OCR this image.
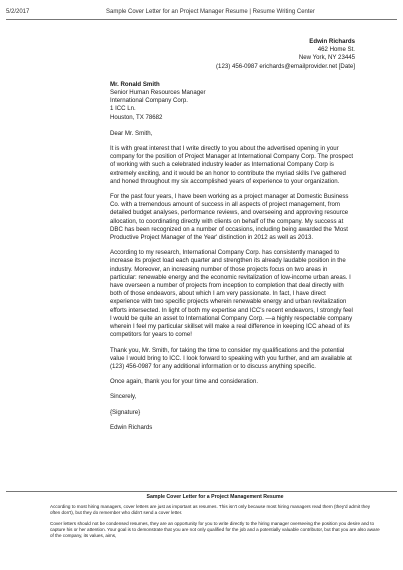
5/2/2017	Sample Cover Letter for an Project Manager Resume | Resume Writing Center
Edwin Richards
462 Home St.
New York, NY 23445
(123) 456-0987 erichards@emailprovider.net [Date]
Mr. Ronald Smith
Senior Human Resources Manager
International Company Corp.
1 ICC Ln.
Houston, TX 78682

Dear Mr. Smith,

It is with great interest that I write directly to you about the advertised opening in your company for the position of Project Manager at International Company Corp. The prospect of working with such a celebrated industry leader as International Company Corp is extremely exciting, and it would be an honor to contribute the myriad skills I've gathered and honed throughout my six accomplished years of experience to your organization.

For the past four years, I have been working as a project manager at Domestic Business Co. with a tremendous amount of success in all aspects of project management, from detailed budget analyses, performance reviews, and overseeing and approving resource allocation, to coordinating directly with clients on behalf of the company. My success at DBC has been recognized on a number of occasions, including being awarded the 'Most Productive Project Manager of the Year' distinction in 2012 as well as 2013.

According to my research, International Company Corp. has consistently managed to increase its project load each quarter and strengthen its already laudable position in the industry. Moreover, an increasing number of those projects focus on two areas in particular: renewable energy and the economic revitalization of low-income urban areas. I have overseen a number of projects from inception to completion that deal directly with both of those endeavors, about which I am very passionate. In fact, I have direct experience with two specific projects wherein renewable energy and urban revitalization efforts intersected. In light of both my expertise and ICC's recent endeavors, I strongly feel I would be quite an asset to International Company Corp. —a highly respectable company wherein I feel my particular skillset will make a real difference in keeping ICC ahead of its competitors for years to come!

Thank you, Mr. Smith, for taking the time to consider my qualifications and the potential value I would bring to ICC. I look forward to speaking with you further, and am available at (123) 456-0987 for any additional information or to discuss anything specific.

Once again, thank you for your time and consideration.

Sincerely,
{Signature}
Edwin Richards
Sample Cover Letter for a Project Management Resume

According to most hiring managers, cover letters are just as important as resumes. This isn't only because most hiring managers read them (they'd admit they often don't), but they do remember who didn't send a cover letter.

Cover letters should not be condensed resumes, they are an opportunity for you to write directly to the hiring manager overseeing the position you desire and to capture his or her attention. Your goal is to demonstrate that you are not only qualified for the job and a potentially valuable contributor, but that you are also aware of the company, its values, aims,
